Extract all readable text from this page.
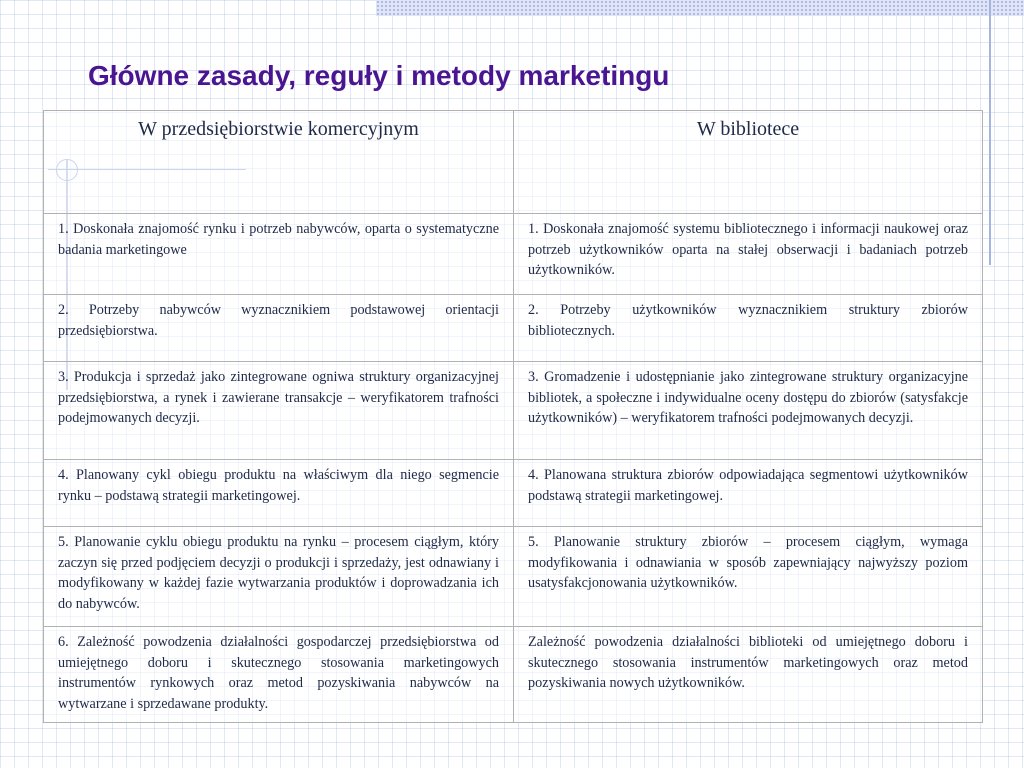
Główne zasady, reguły i metody marketingu
W przedsiębiorstwie komercyjnym	W bibliotece
1. Doskonała znajomość rynku i potrzeb nabywców, oparta o systematyczne badania marketingowe	1. Doskonała znajomość systemu bibliotecznego i informacji naukowej oraz potrzeb użytkowników oparta na stałej obserwacji i badaniach potrzeb użytkowników.
2. Potrzeby nabywców wyznacznikiem podstawowej orientacji przedsiębiorstwa.	2. Potrzeby użytkowników wyznacznikiem struktury zbiorów bibliotecznych.
3. Produkcja i sprzedaż jako zintegrowane ogniwa struktury organizacyjnej przedsiębiorstwa, a rynek i zawierane transakcje – weryfikatorem trafności podejmowanych decyzji.	3. Gromadzenie i udostępnianie jako zintegrowane struktury organizacyjne bibliotek, a społeczne i indywidualne oceny dostępu do zbiorów (satysfakcje użytkowników) – weryfikatorem trafności podejmowanych decyzji.
4. Planowany cykl obiegu produktu na właściwym dla niego segmencie rynku – podstawą strategii marketingowej.	4. Planowana struktura zbiorów odpowiadająca segmentowi użytkowników podstawą strategii marketingowej.
5. Planowanie cyklu obiegu produktu na rynku – procesem ciągłym, który zaczyn się przed podjęciem decyzji o produkcji i sprzedaży, jest odnawiany i modyfikowany w każdej fazie wytwarzania produktów i doprowadzania ich do nabywców.	5. Planowanie struktury zbiorów – procesem ciągłym, wymaga modyfikowania i odnawiania w sposób zapewniający najwyższy poziom usatysfakcjonowania użytkowników.
6. Zależność powodzenia działalności gospodarczej przedsiębiorstwa od umiejętnego doboru i skutecznego stosowania marketingowych instrumentów rynkowych oraz metod pozyskiwania nabywców na wytwarzane i sprzedawane produkty.	Zależność powodzenia działalności biblioteki od umiejętnego doboru i skutecznego stosowania instrumentów marketingowych oraz metod pozyskiwania nowych użytkowników.
